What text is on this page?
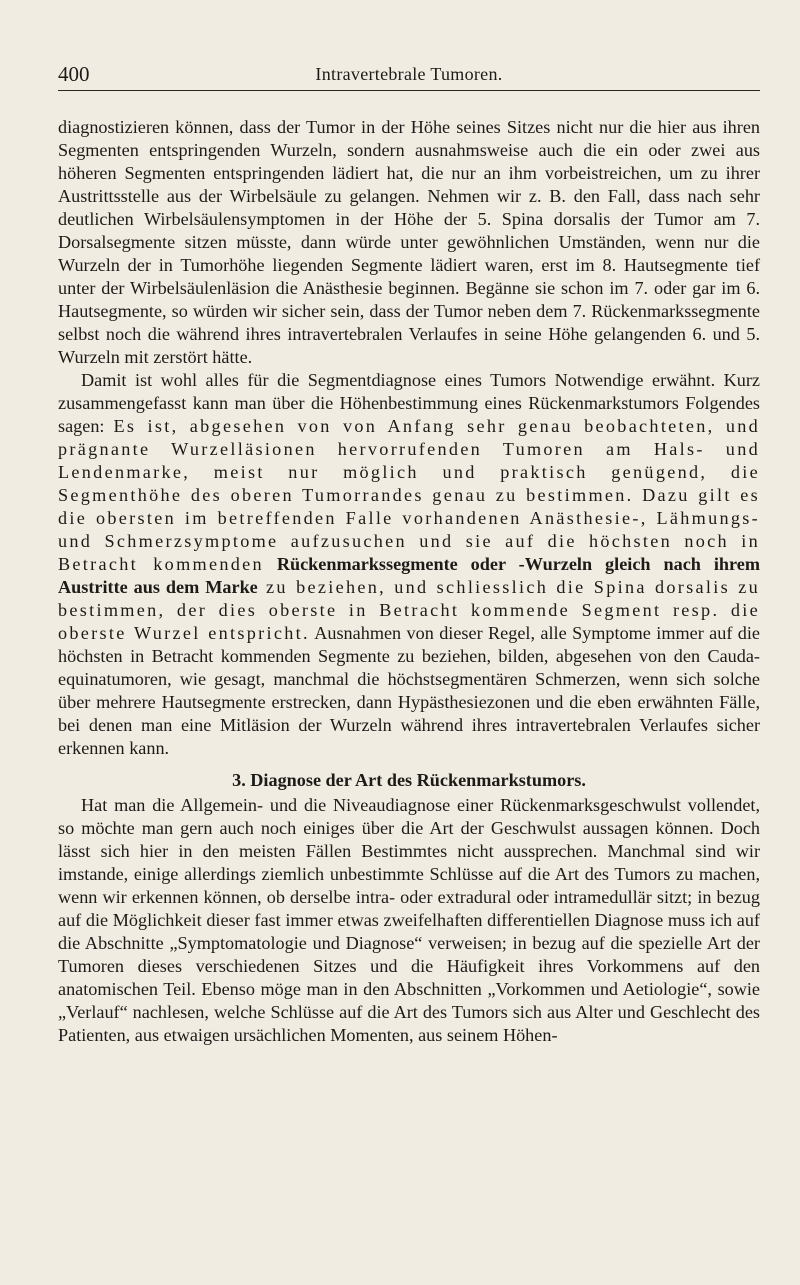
400	Intravertebrale Tumoren.

diagnostizieren können, dass der Tumor in der Höhe seines Sitzes nicht nur die hier aus ihren Segmenten entspringenden Wurzeln, sondern ausnahmsweise auch die ein oder zwei aus höheren Segmenten entspringenden lädiert hat, die nur an ihm vorbeistreichen, um zu ihrer Austrittsstelle aus der Wirbelsäule zu gelangen. Nehmen wir z. B. den Fall, dass nach sehr deutlichen Wirbelsäulensymptomen in der Höhe der 5. Spina dorsalis der Tumor am 7. Dorsalsegmente sitzen müsste, dann würde unter gewöhnlichen Umständen, wenn nur die Wurzeln der in Tumorhöhe liegenden Segmente lädiert waren, erst im 8. Hautsegmente tief unter der Wirbelsäulenläsion die Anästhesie beginnen. Begänne sie schon im 7. oder gar im 6. Hautsegmente, so würden wir sicher sein, dass der Tumor neben dem 7. Rückenmarkssegmente selbst noch die während ihres intravertebralen Verlaufes in seine Höhe gelangenden 6. und 5. Wurzeln mit zerstört hätte.

Damit ist wohl alles für die Segmentdiagnose eines Tumors Notwendige erwähnt. Kurz zusammengefasst kann man über die Höhenbestimmung eines Rückenmarkstumors Folgendes sagen: Es ist, abgesehen von von Anfang sehr genau beobachteten, und prägnante Wurzelläsionen hervorrufenden Tumoren am Hals- und Lendenmarke, meist nur möglich und praktisch genügend, die Segmenthöhe des oberen Tumorrandes genau zu bestimmen. Dazu gilt es die obersten im betreffenden Falle vorhandenen Anästhesie-, Lähmungs- und Schmerzsymptome aufzusuchen und sie auf die höchsten noch in Betracht kommenden Rückenmarkssegmente oder -Wurzeln gleich nach ihrem Austritte aus dem Marke zu beziehen, und schliesslich die Spina dorsalis zu bestimmen, der dies oberste in Betracht kommende Segment resp. die oberste Wurzel entspricht. Ausnahmen von dieser Regel, alle Symptome immer auf die höchsten in Betracht kommenden Segmente zu beziehen, bilden, abgesehen von den Cauda-equinatumoren, wie gesagt, manchmal die höchstsegmentären Schmerzen, wenn sich solche über mehrere Hautsegmente erstrecken, dann Hypästhesiezonen und die eben erwähnten Fälle, bei denen man eine Mitläsion der Wurzeln während ihres intravertebralen Verlaufes sicher erkennen kann.

3. Diagnose der Art des Rückenmarkstumors.

Hat man die Allgemein- und die Niveaudiagnose einer Rückenmarksgeschwulst vollendet, so möchte man gern auch noch einiges über die Art der Geschwulst aussagen können. Doch lässt sich hier in den meisten Fällen Bestimmtes nicht aussprechen. Manchmal sind wir imstande, einige allerdings ziemlich unbestimmte Schlüsse auf die Art des Tumors zu machen, wenn wir erkennen können, ob derselbe intra- oder extradural oder intramedullär sitzt; in bezug auf die Möglichkeit dieser fast immer etwas zweifelhaften differentiellen Diagnose muss ich auf die Abschnitte „Symptomatologie und Diagnose“ verweisen; in bezug auf die spezielle Art der Tumoren dieses verschiedenen Sitzes und die Häufigkeit ihres Vorkommens auf den anatomischen Teil. Ebenso möge man in den Abschnitten „Vorkommen und Aetiologie“, sowie „Verlauf“ nachlesen, welche Schlüsse auf die Art des Tumors sich aus Alter und Geschlecht des Patienten, aus etwaigen ursächlichen Momenten, aus seinem Höhen-
